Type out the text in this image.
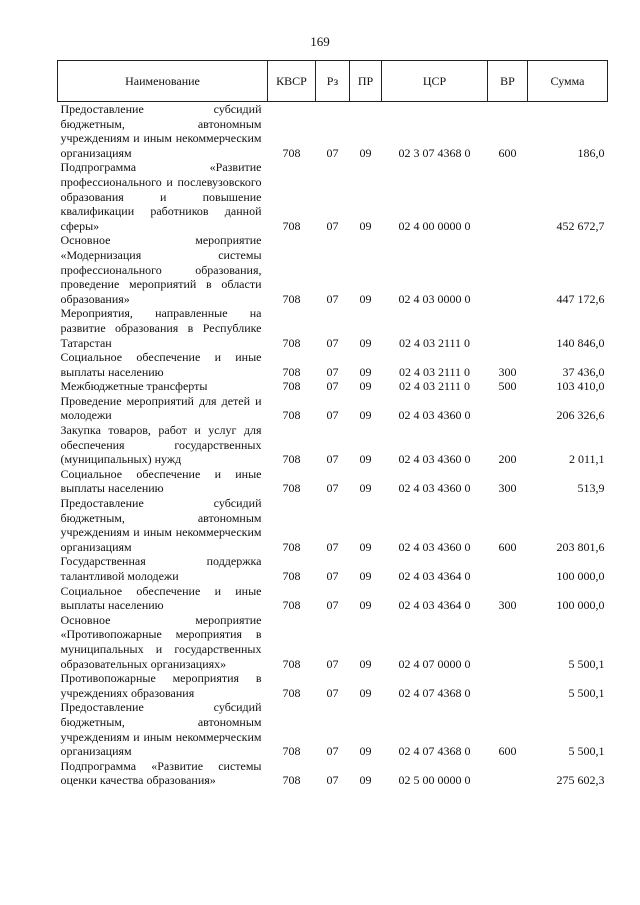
169
Наименование	КВСР	Рз	ПР	ЦСР	ВР	Сумма
Предоставление субсидий бюджетным, автономным учреждениям и иным некоммерческим организациям	708	07	09	02 3 07 4368 0	600	186,0
Подпрограмма «Развитие профессионального и послевузовского образования и повышение квалификации работников данной сферы»	708	07	09	02 4 00 0000 0		452 672,7
Основное мероприятие «Модернизация системы профессионального образования, проведение мероприятий в области образования»	708	07	09	02 4 03 0000 0		447 172,6
Мероприятия, направленные на развитие образования в Республике Татарстан	708	07	09	02 4 03 2111 0		140 846,0
Социальное обеспечение и иные выплаты населению	708	07	09	02 4 03 2111 0	300	37 436,0
Межбюджетные трансферты	708	07	09	02 4 03 2111 0	500	103 410,0
Проведение мероприятий для детей и молодежи	708	07	09	02 4 03 4360 0		206 326,6
Закупка товаров, работ и услуг для обеспечения государственных (муниципальных) нужд	708	07	09	02 4 03 4360 0	200	2 011,1
Социальное обеспечение и иные выплаты населению	708	07	09	02 4 03 4360 0	300	513,9
Предоставление субсидий бюджетным, автономным учреждениям и иным некоммерческим организациям	708	07	09	02 4 03 4360 0	600	203 801,6
Государственная поддержка талантливой молодежи	708	07	09	02 4 03 4364 0		100 000,0
Социальное обеспечение и иные выплаты населению	708	07	09	02 4 03 4364 0	300	100 000,0
Основное мероприятие «Противопожарные мероприятия в муниципальных и государственных образовательных организациях»	708	07	09	02 4 07 0000 0		5 500,1
Противопожарные мероприятия в учреждениях образования	708	07	09	02 4 07 4368 0		5 500,1
Предоставление субсидий бюджетным, автономным учреждениям и иным некоммерческим организациям	708	07	09	02 4 07 4368 0	600	5 500,1
Подпрограмма «Развитие системы оценки качества образования»	708	07	09	02 5 00 0000 0		275 602,3
